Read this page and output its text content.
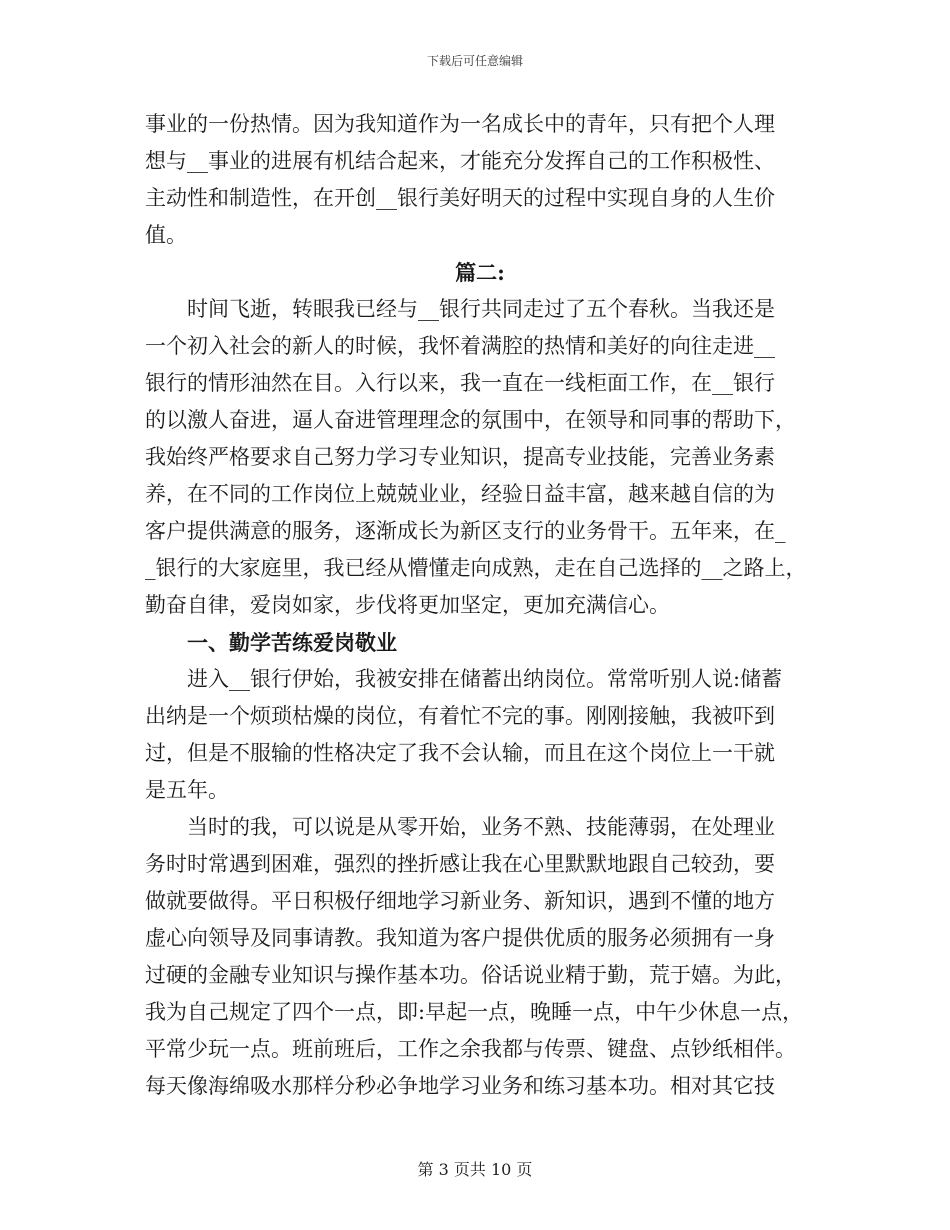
下载后可任意编辑
事业的一份热情。因为我知道作为一名成长中的青年，只有把个人理
想与__事业的进展有机结合起来，才能充分发挥自己的工作积极性、
主动性和制造性，在开创__银行美好明天的过程中实现自身的人生价
值。
篇二:
　　时间飞逝，转眼我已经与__银行共同走过了五个春秋。当我还是
一个初入社会的新人的时候，我怀着满腔的热情和美好的向往走进__
银行的情形油然在目。入行以来，我一直在一线柜面工作，在__银行
的以激人奋进，逼人奋进管理理念的氛围中，在领导和同事的帮助下，
我始终严格要求自己努力学习专业知识，提高专业技能，完善业务素
养，在不同的工作岗位上兢兢业业，经验日益丰富，越来越自信的为
客户提供满意的服务，逐渐成长为新区支行的业务骨干。五年来，在_
_银行的大家庭里，我已经从懵懂走向成熟，走在自己选择的__之路上，
勤奋自律，爱岗如家，步伐将更加坚定，更加充满信心。
　　一、勤学苦练爱岗敬业
　　进入__银行伊始，我被安排在储蓄出纳岗位。常常听别人说:储蓄
出纳是一个烦琐枯燥的岗位，有着忙不完的事。刚刚接触，我被吓到
过，但是不服输的性格决定了我不会认输，而且在这个岗位上一干就
是五年。
　　当时的我，可以说是从零开始，业务不熟、技能薄弱，在处理业
务时时常遇到困难，强烈的挫折感让我在心里默默地跟自己较劲，要
做就要做得。平日积极仔细地学习新业务、新知识，遇到不懂的地方
虚心向领导及同事请教。我知道为客户提供优质的服务必须拥有一身
过硬的金融专业知识与操作基本功。俗话说业精于勤，荒于嬉。为此，
我为自己规定了四个一点，即:早起一点，晚睡一点，中午少休息一点，
平常少玩一点。班前班后，工作之余我都与传票、键盘、点钞纸相伴。
每天像海绵吸水那样分秒必争地学习业务和练习基本功。相对其它技
第 3 页共 10 页
